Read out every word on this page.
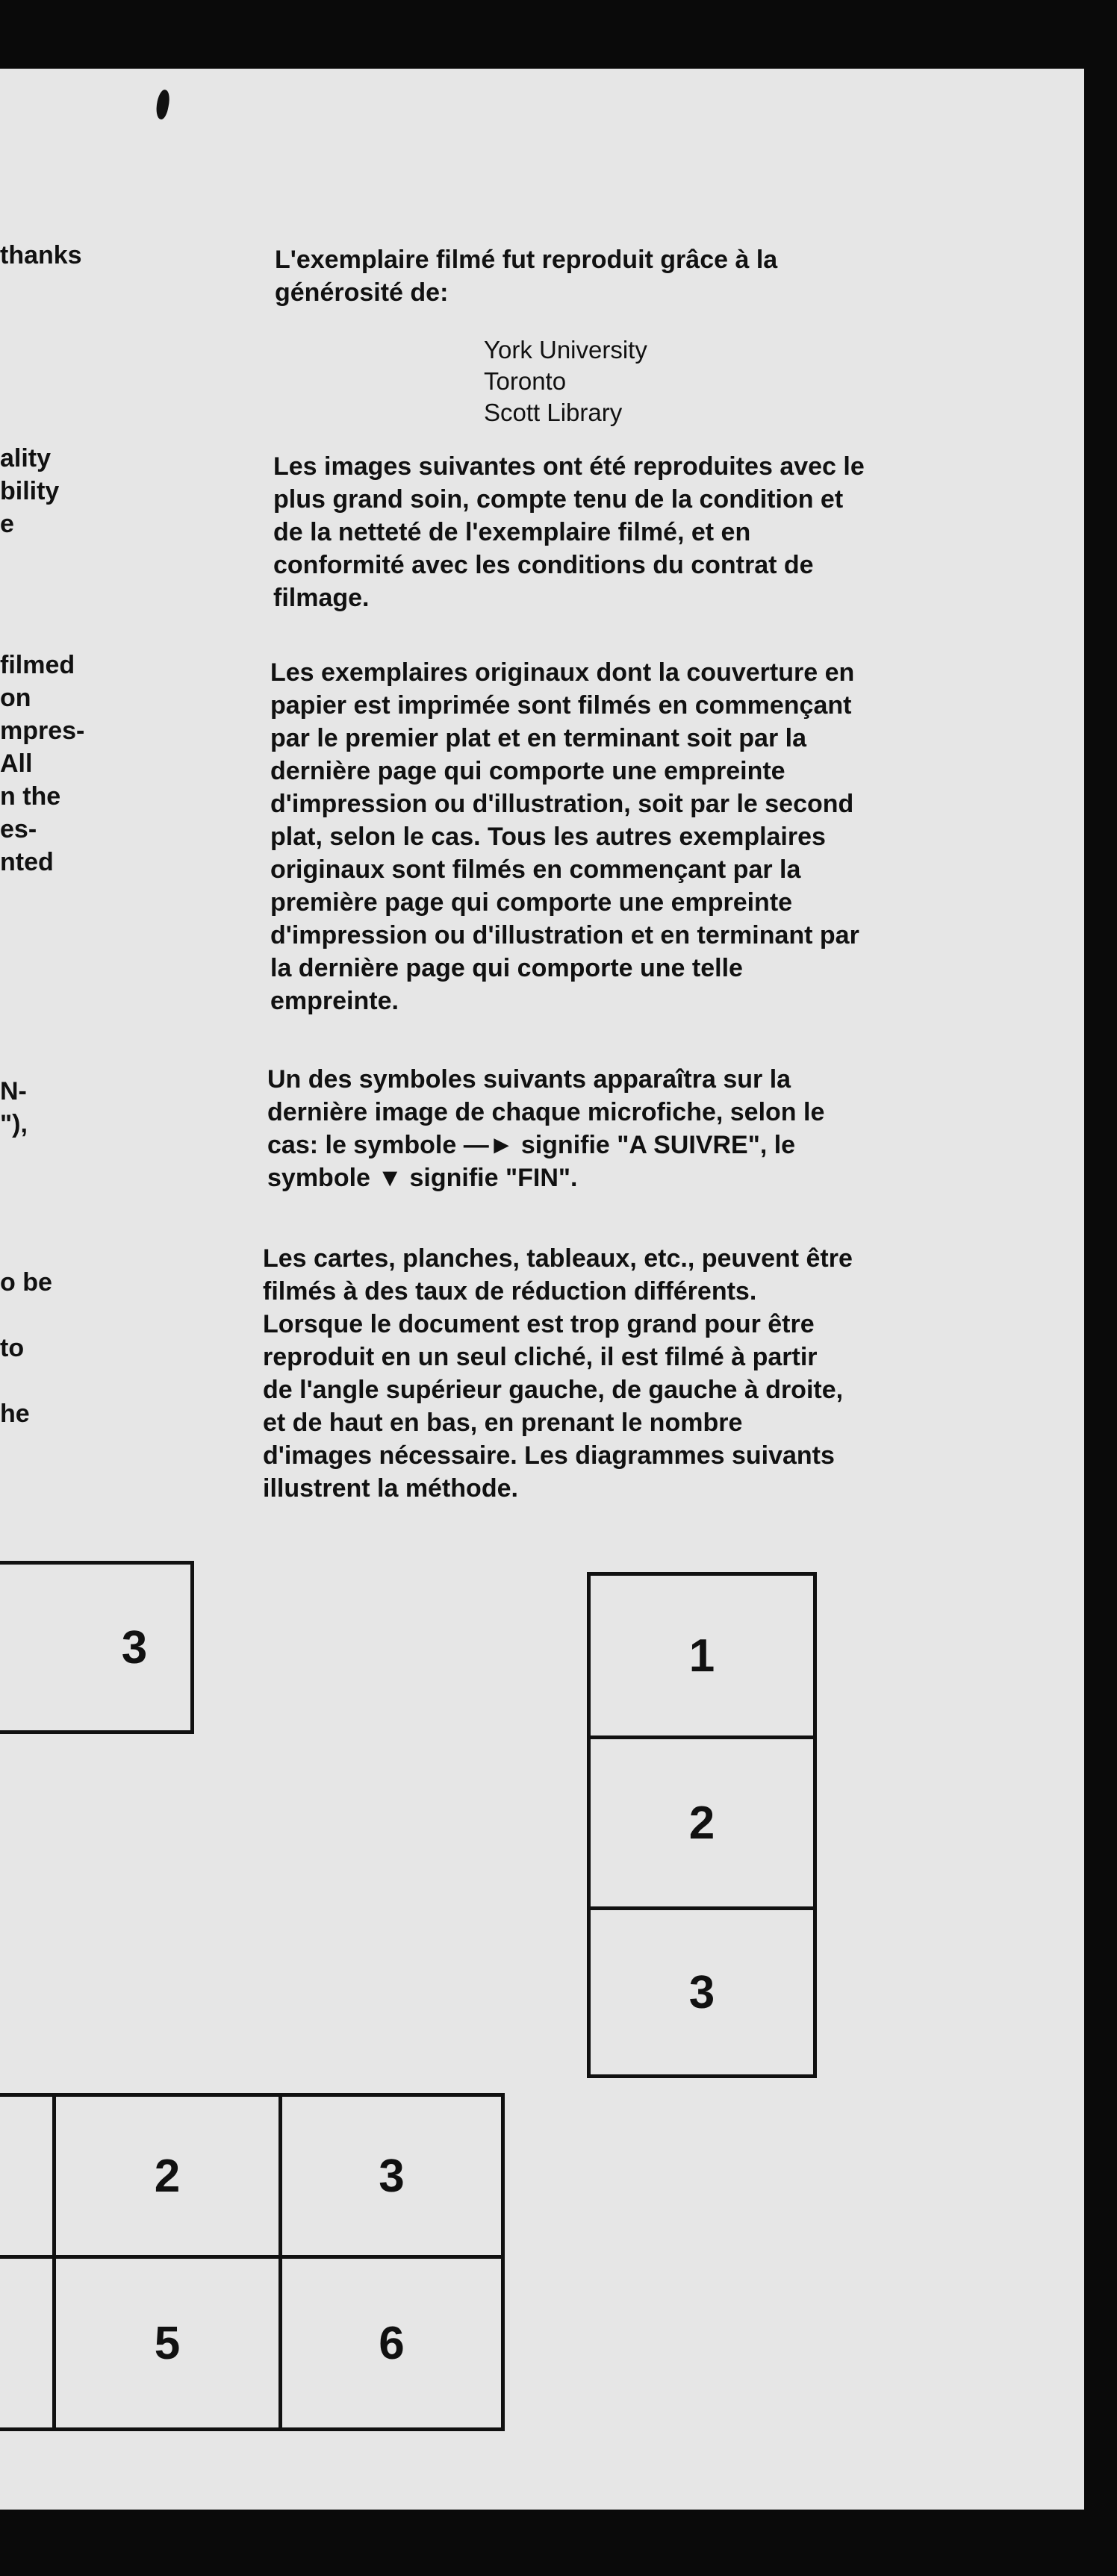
thanks
ality
bility
e
filmed
on
mpres-
All
n the
es-
nted
N-
"),
o be
to
he
L'exemplaire filmé fut reproduit grâce à la
générosité de:
York University
Toronto
Scott Library
Les images suivantes ont été reproduites avec le
plus grand soin, compte tenu de la condition et
de la netteté de l'exemplaire filmé, et en
conformité avec les conditions du contrat de
filmage.
Les exemplaires originaux dont la couverture en
papier est imprimée sont filmés en commençant
par le premier plat et en terminant soit par la
dernière page qui comporte une empreinte
d'impression ou d'illustration, soit par le second
plat, selon le cas. Tous les autres exemplaires
originaux sont filmés en commençant par la
première page qui comporte une empreinte
d'impression ou d'illustration et en terminant par
la dernière page qui comporte une telle
empreinte.
Un des symboles suivants apparaîtra sur la
dernière image de chaque microfiche, selon le
cas: le symbole —► signifie "A SUIVRE", le
symbole ▼ signifie "FIN".
Les cartes, planches, tableaux, etc., peuvent être
filmés à des taux de réduction différents.
Lorsque le document est trop grand pour être
reproduit en un seul cliché, il est filmé à partir
de l'angle supérieur gauche, de gauche à droite,
et de haut en bas, en prenant le nombre
d'images nécessaire. Les diagrammes suivants
illustrent la méthode.
3	1
2
3
2	3
5	6
